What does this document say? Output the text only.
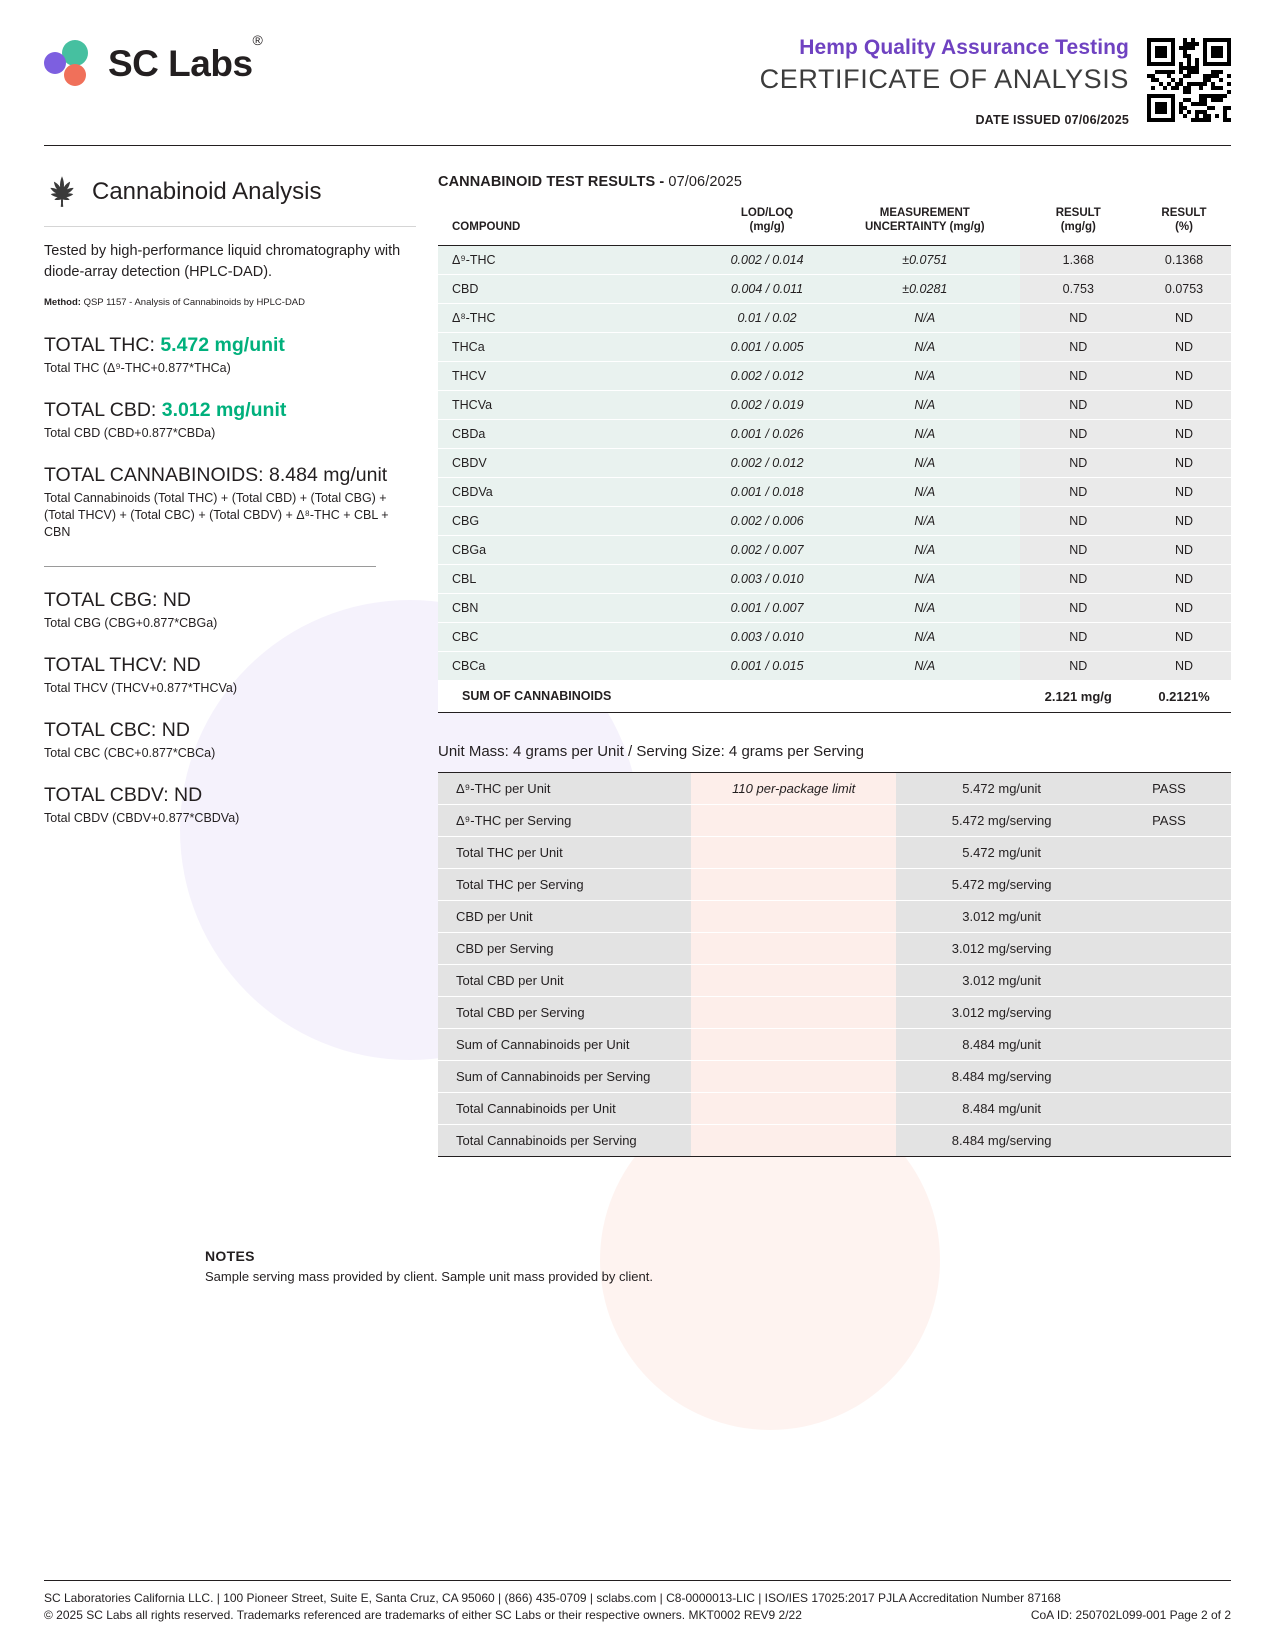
SC Labs®	Hemp Quality Assurance Testing
CERTIFICATE OF ANALYSIS
DATE ISSUED 07/06/2025
Cannabinoid Analysis
Tested by high-performance liquid chromatography with diode-array detection (HPLC-DAD).
Method: QSP 1157 - Analysis of Cannabinoids by HPLC-DAD
TOTAL THC: 5.472 mg/unit
Total THC (Δ⁹-THC+0.877*THCa)
TOTAL CBD: 3.012 mg/unit
Total CBD (CBD+0.877*CBDa)
TOTAL CANNABINOIDS: 8.484 mg/unit
Total Cannabinoids (Total THC) + (Total CBD) + (Total CBG) + (Total THCV) + (Total CBC) + (Total CBDV) + Δ⁸-THC + CBL + CBN
TOTAL CBG: ND
Total CBG (CBG+0.877*CBGa)
TOTAL THCV: ND
Total THCV (THCV+0.877*THCVa)
TOTAL CBC: ND
Total CBC (CBC+0.877*CBCa)
TOTAL CBDV: ND
Total CBDV (CBDV+0.877*CBDVa)
CANNABINOID TEST RESULTS - 07/06/2025
COMPOUND

LOD/LOQ
(mg/g)

MEASUREMENT
UNCERTAINTY (mg/g)

RESULT
(mg/g)

RESULT
(%)

Δ⁹-THC	0.002 / 0.014	±0.0751	1.368	0.1368
CBD	0.004 / 0.011	±0.0281	0.753	0.0753
Δ⁸-THC	0.01 / 0.02	N/A	ND	ND
THCa	0.001 / 0.005	N/A	ND	ND
THCV	0.002 / 0.012	N/A	ND	ND
THCVa	0.002 / 0.019	N/A	ND	ND
CBDa	0.001 / 0.026	N/A	ND	ND
CBDV	0.002 / 0.012	N/A	ND	ND
CBDVa	0.001 / 0.018	N/A	ND	ND
CBG	0.002 / 0.006	N/A	ND	ND
CBGa	0.002 / 0.007	N/A	ND	ND
CBL	0.003 / 0.010	N/A	ND	ND
CBN	0.001 / 0.007	N/A	ND	ND
CBC	0.003 / 0.010	N/A	ND	ND
CBCa	0.001 / 0.015	N/A	ND	ND
SUM OF CANNABINOIDS			2.121 mg/g	0.2121%
Unit Mass: 4 grams per Unit / Serving Size: 4 grams per Serving
Δ⁹-THC per Unit	110 per-package limit	5.472 mg/unit	PASS
Δ⁹-THC per Serving		5.472 mg/serving	PASS
Total THC per Unit		5.472 mg/unit	
Total THC per Serving		5.472 mg/serving	
CBD per Unit		3.012 mg/unit	
CBD per Serving		3.012 mg/serving	
Total CBD per Unit		3.012 mg/unit	
Total CBD per Serving		3.012 mg/serving	
Sum of Cannabinoids per Unit		8.484 mg/unit	
Sum of Cannabinoids per Serving		8.484 mg/serving	
Total Cannabinoids per Unit		8.484 mg/unit	
Total Cannabinoids per Serving		8.484 mg/serving	
NOTES
Sample serving mass provided by client. Sample unit mass provided by client.
SC Laboratories California LLC. | 100 Pioneer Street, Suite E, Santa Cruz, CA 95060 | (866) 435-0709 | sclabs.com | C8-0000013-LIC | ISO/IES 17025:2017 PJLA Accreditation Number 87168
© 2025 SC Labs all rights reserved. Trademarks referenced are trademarks of either SC Labs or their respective owners. MKT0002 REV9 2/22	CoA ID: 250702L099-001 Page 2 of 2
